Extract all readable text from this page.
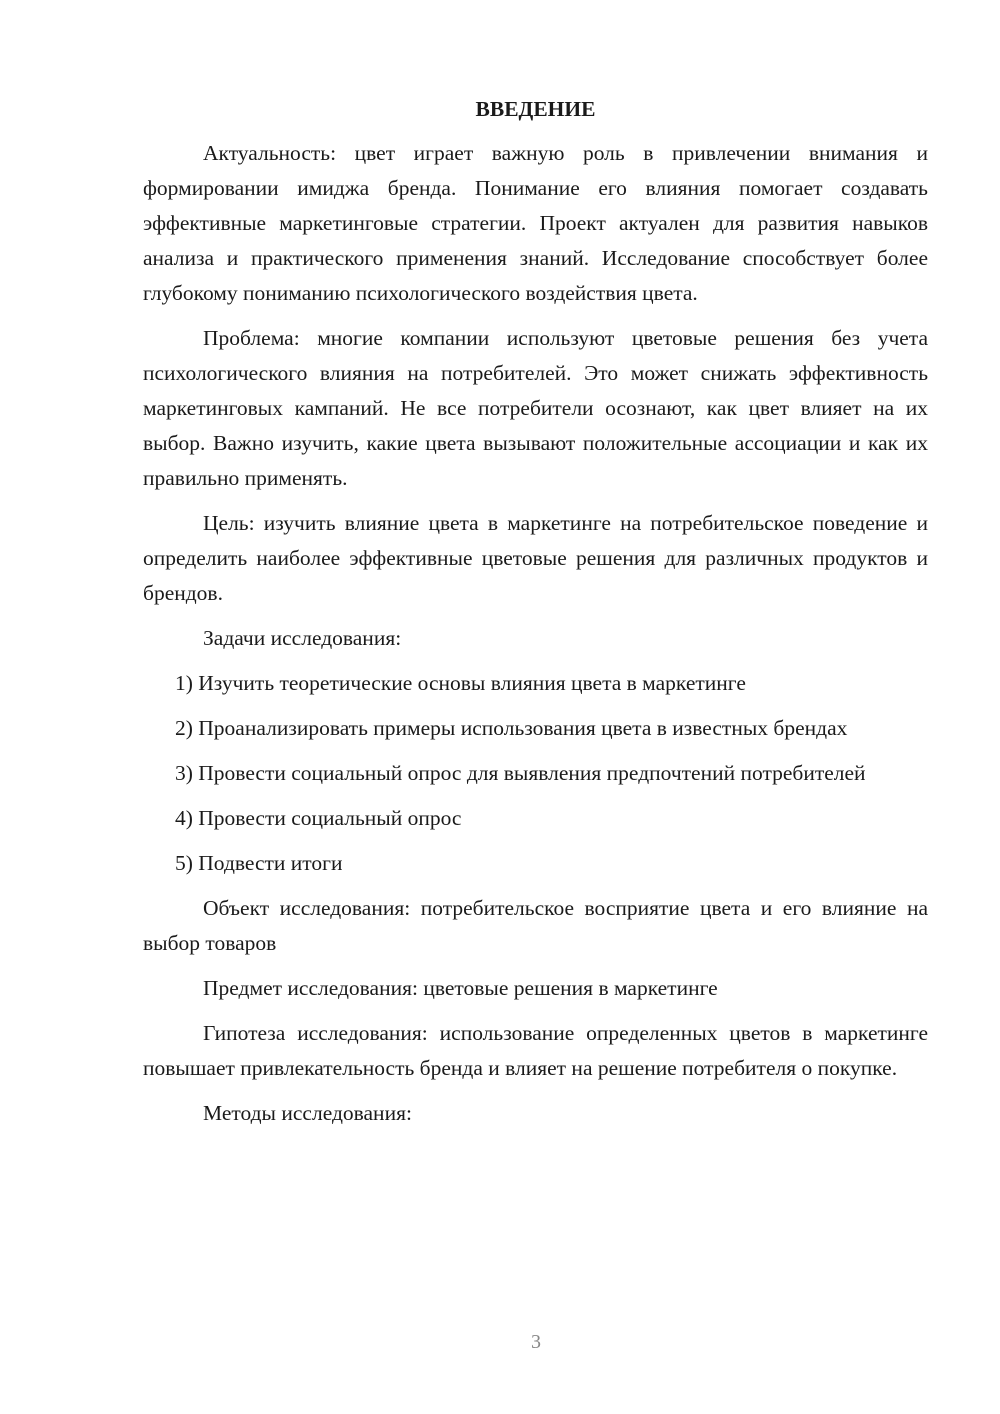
ВВЕДЕНИЕ

Актуальность: цвет играет важную роль в привлечении внимания и формировании имиджа бренда. Понимание его влияния помогает создавать эффективные маркетинговые стратегии. Проект актуален для развития навыков анализа и практического применения знаний. Исследование способствует более глубокому пониманию психологического воздействия цвета.

Проблема: многие компании используют цветовые решения без учета психологического влияния на потребителей. Это может снижать эффективность маркетинговых кампаний. Не все потребители осознают, как цвет влияет на их выбор. Важно изучить, какие цвета вызывают положительные ассоциации и как их правильно применять.

Цель: изучить влияние цвета в маркетинге на потребительское поведение и определить наиболее эффективные цветовые решения для различных продуктов и брендов.

Задачи исследования:

1) Изучить теоретические основы влияния цвета в маркетинге

2) Проанализировать примеры использования цвета в известных брендах

3) Провести социальный опрос для выявления предпочтений потребителей

4) Провести социальный опрос

5) Подвести итоги

Объект исследования: потребительское восприятие цвета и его влияние на выбор товаров

Предмет исследования: цветовые решения в маркетинге

Гипотеза исследования: использование определенных цветов в маркетинге повышает привлекательность бренда и влияет на решение потребителя о покупке.

Методы исследования:

3
